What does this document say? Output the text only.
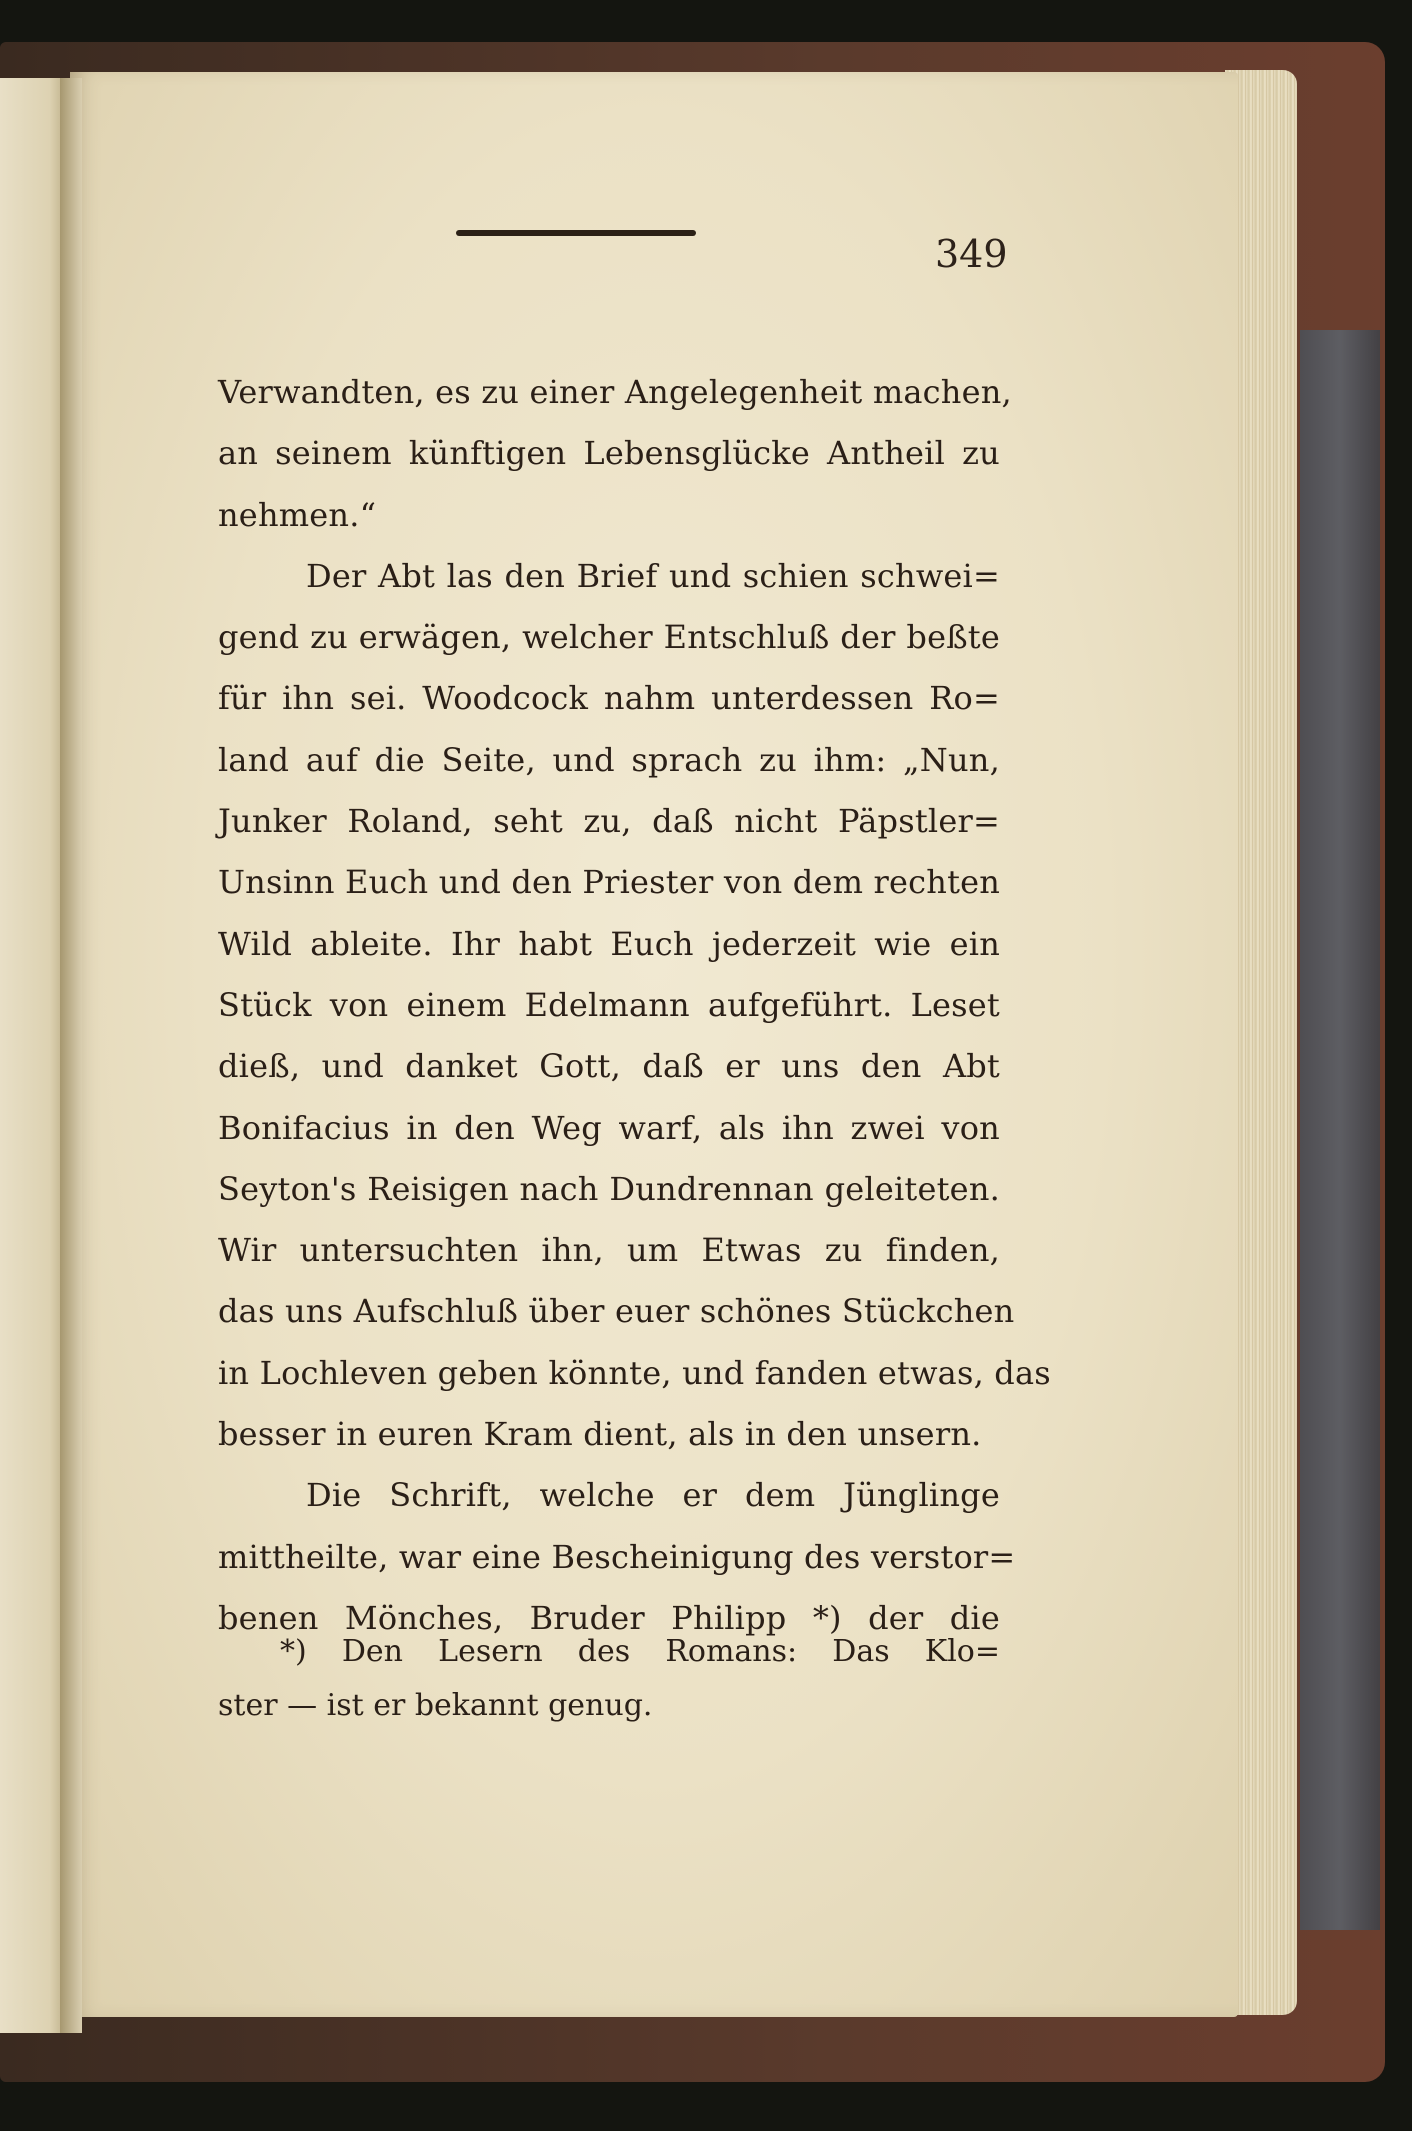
349
Verwandten, es zu einer Angelegenheit machen,
an seinem künftigen Lebensglücke Antheil zu
nehmen.“
Der Abt las den Brief und schien schwei=
gend zu erwägen, welcher Entschluß der beßte
für ihn sei. Woodcock nahm unterdessen Ro=
land auf die Seite, und sprach zu ihm: „Nun,
Junker Roland, seht zu, daß nicht Päpstler=
Unsinn Euch und den Priester von dem rechten
Wild ableite. Ihr habt Euch jederzeit wie ein
Stück von einem Edelmann aufgeführt. Leset
dieß, und danket Gott, daß er uns den Abt
Bonifacius in den Weg warf, als ihn zwei von
Seyton's Reisigen nach Dundrennan geleiteten.
Wir untersuchten ihn, um Etwas zu finden,
das uns Aufschluß über euer schönes Stückchen
in Lochleven geben könnte, und fanden etwas, das
besser in euren Kram dient, als in den unsern.
Die Schrift, welche er dem Jünglinge
mittheilte, war eine Bescheinigung des verstor=
benen Mönches, Bruder Philipp *) der die
*) Den Lesern des Romans: Das Klo=
ster — ist er bekannt genug.
